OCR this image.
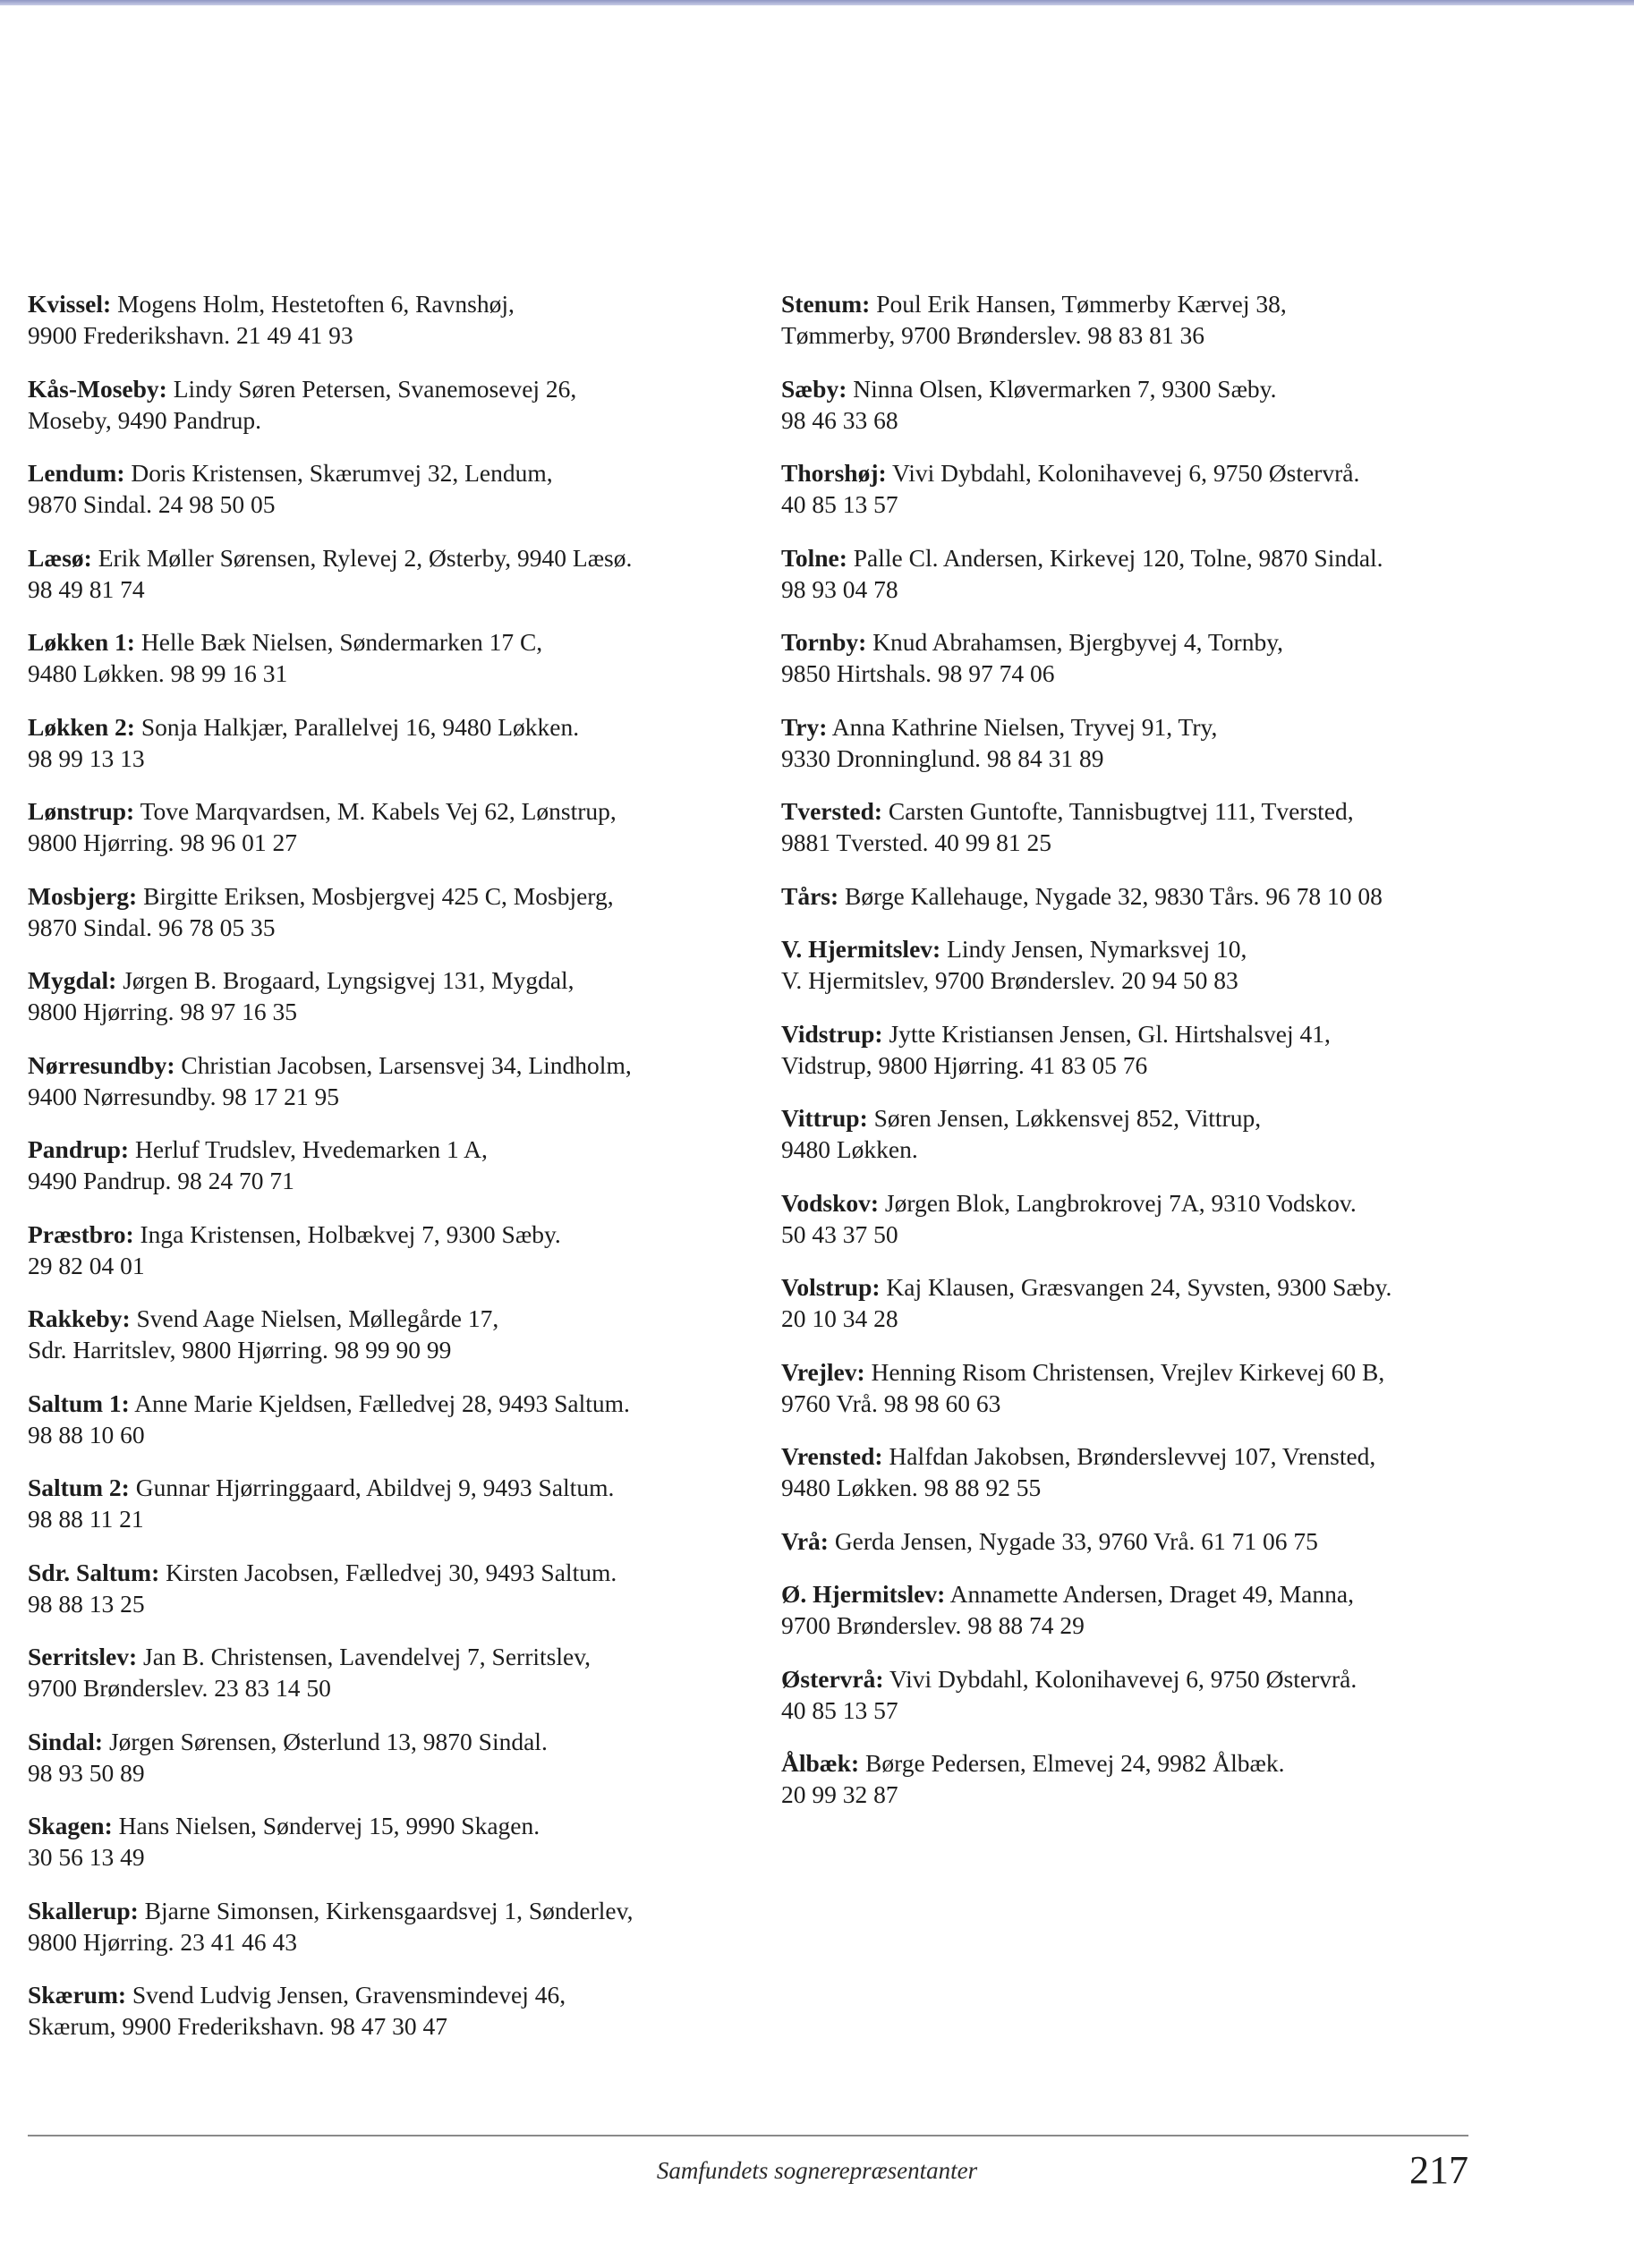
Kvissel: Mogens Holm, Hestetoften 6, Ravnshøj,
9900 Frederikshavn. 21 49 41 93
Kås-Moseby: Lindy Søren Petersen, Svanemosevej 26,
Moseby, 9490 Pandrup.
Lendum: Doris Kristensen, Skærumvej 32, Lendum,
9870 Sindal. 24 98 50 05
Læsø: Erik Møller Sørensen, Rylevej 2, Østerby, 9940 Læsø.
98 49 81 74
Løkken 1: Helle Bæk Nielsen, Søndermarken 17 C,
9480 Løkken. 98 99 16 31
Løkken 2: Sonja Halkjær, Parallelvej 16, 9480 Løkken.
98 99 13 13
Lønstrup: Tove Marqvardsen, M. Kabels Vej 62, Lønstrup,
9800 Hjørring. 98 96 01 27
Mosbjerg: Birgitte Eriksen, Mosbjergvej 425 C, Mosbjerg,
9870 Sindal. 96 78 05 35
Mygdal: Jørgen B. Brogaard, Lyngsigvej 131, Mygdal,
9800 Hjørring. 98 97 16 35
Nørresundby: Christian Jacobsen, Larsensvej 34, Lindholm,
9400 Nørresundby. 98 17 21 95
Pandrup: Herluf Trudslev, Hvedemarken 1 A,
9490 Pandrup. 98 24 70 71
Præstbro: Inga Kristensen, Holbækvej 7, 9300 Sæby.
29 82 04 01
Rakkeby: Svend Aage Nielsen, Møllegårde 17,
Sdr. Harritslev, 9800 Hjørring. 98 99 90 99
Saltum 1: Anne Marie Kjeldsen, Fælledvej 28, 9493 Saltum.
98 88 10 60
Saltum 2: Gunnar Hjørringgaard, Abildvej 9, 9493 Saltum.
98 88 11 21
Sdr. Saltum: Kirsten Jacobsen, Fælledvej 30, 9493 Saltum.
98 88 13 25
Serritslev: Jan B. Christensen, Lavendelvej 7, Serritslev,
9700 Brønderslev. 23 83 14 50
Sindal: Jørgen Sørensen, Østerlund 13, 9870 Sindal.
98 93 50 89
Skagen: Hans Nielsen, Søndervej 15, 9990 Skagen.
30 56 13 49
Skallerup: Bjarne Simonsen, Kirkensgaardsvej 1, Sønderlev,
9800 Hjørring. 23 41 46 43
Skærum: Svend Ludvig Jensen, Gravensmindevej 46,
Skærum, 9900 Frederikshavn. 98 47 30 47
Stenum: Poul Erik Hansen, Tømmerby Kærvej 38,
Tømmerby, 9700 Brønderslev. 98 83 81 36
Sæby: Ninna Olsen, Kløvermarken 7, 9300 Sæby.
98 46 33 68
Thorshøj: Vivi Dybdahl, Kolonihavevej 6, 9750 Østervrå.
40 85 13 57
Tolne: Palle Cl. Andersen, Kirkevej 120, Tolne, 9870 Sindal.
98 93 04 78
Tornby: Knud Abrahamsen, Bjergbyvej 4, Tornby,
9850 Hirtshals. 98 97 74 06
Try: Anna Kathrine Nielsen, Tryvej 91, Try,
9330 Dronninglund. 98 84 31 89
Tversted: Carsten Guntofte, Tannisbugtvej 111, Tversted,
9881 Tversted. 40 99 81 25
Tårs: Børge Kallehauge, Nygade 32, 9830 Tårs. 96 78 10 08
V. Hjermitslev: Lindy Jensen, Nymarksvej 10,
V. Hjermitslev, 9700 Brønderslev. 20 94 50 83
Vidstrup: Jytte Kristiansen Jensen, Gl. Hirtshalsvej 41,
Vidstrup, 9800 Hjørring. 41 83 05 76
Vittrup: Søren Jensen, Løkkensvej 852, Vittrup,
9480 Løkken.
Vodskov: Jørgen Blok, Langbrokrovej 7A, 9310 Vodskov.
50 43 37 50
Volstrup: Kaj Klausen, Græsvangen 24, Syvsten, 9300 Sæby.
20 10 34 28
Vrejlev: Henning Risom Christensen, Vrejlev Kirkevej 60 B,
9760 Vrå. 98 98 60 63
Vrensted: Halfdan Jakobsen, Brønderslevvej 107, Vrensted,
9480 Løkken. 98 88 92 55
Vrå: Gerda Jensen, Nygade 33, 9760 Vrå. 61 71 06 75
Ø. Hjermitslev: Annamette Andersen, Draget 49, Manna,
9700 Brønderslev. 98 88 74 29
Østervrå: Vivi Dybdahl, Kolonihavevej 6, 9750 Østervrå.
40 85 13 57
Ålbæk: Børge Pedersen, Elmevej 24, 9982 Ålbæk.
20 99 32 87
Samfundets sognerepræsentanter	217
